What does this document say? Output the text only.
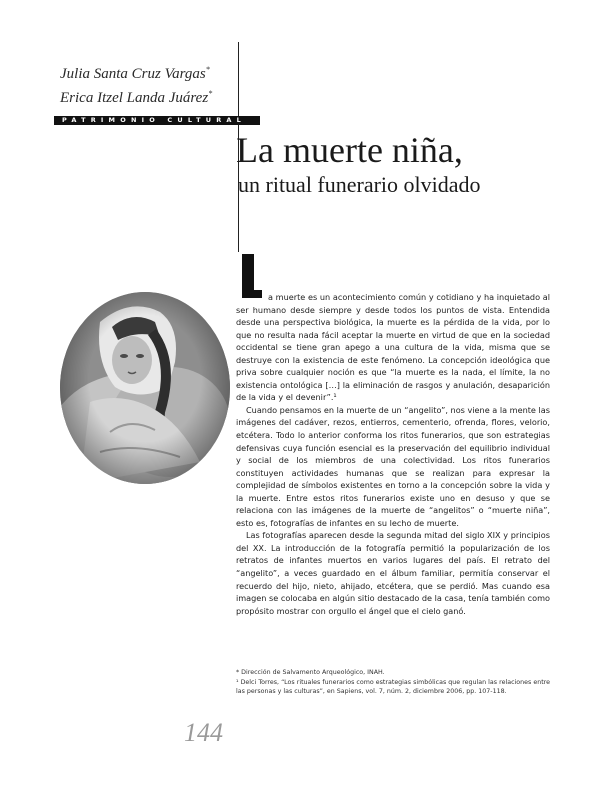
Julia Santa Cruz Vargas*
Erica Itzel Landa Juárez*
PATRIMONIO CULTURAL
La muerte niña,
un ritual funerario olvidado

a muerte es un acontecimiento común y cotidiano y ha inquietado al ser humano desde siempre y desde todos los puntos de vista. Entendida desde una perspectiva biológica, la muerte es la pérdida de la vida, por lo que no resulta nada fácil aceptar la muerte en virtud de que en la sociedad occidental se tiene gran apego a una cultura de la vida, misma que se destruye con la existencia de este fenómeno. La concepción ideológica que priva sobre cualquier noción es que “la muerte es la nada, el límite, la no existencia ontológica […] la eliminación de rasgos y anulación, desaparición de la vida y el devenir”.¹

Cuando pensamos en la muerte de un “angelito”, nos viene a la mente las imágenes del cadáver, rezos, entierros, cementerio, ofrenda, flores, velorio, etcétera. Todo lo anterior conforma los ritos funerarios, que son estrategias defensivas cuya función esencial es la preservación del equilibrio individual y social de los miembros de una colectividad. Los ritos funerarios constituyen actividades humanas que se realizan para expresar la complejidad de símbolos existentes en torno a la concepción sobre la vida y la muerte. Entre estos ritos funerarios existe uno en desuso y que se relaciona con las imágenes de la muerte de “angelitos” o “muerte niña”, esto es, fotografías de infantes en su lecho de muerte.

Las fotografías aparecen desde la segunda mitad del siglo XIX y principios del XX. La introducción de la fotografía permitió la popularización de los retratos de infantes muertos en varios lugares del país. El retrato del “angelito”, a veces guardado en el álbum familiar, permitía conservar el recuerdo del hijo, nieto, ahijado, etcétera, que se perdió. Mas cuando esa imagen se colocaba en algún sitio destacado de la casa, tenía también como propósito mostrar con orgullo el ángel que el cielo ganó.

* Dirección de Salvamento Arqueológico, INAH.

¹ Delci Torres, “Los rituales funerarios como estrategias simbólicas que regulan las relaciones entre las personas y las culturas”, en Sapiens, vol. 7, núm. 2, diciembre 2006, pp. 107-118.

144
